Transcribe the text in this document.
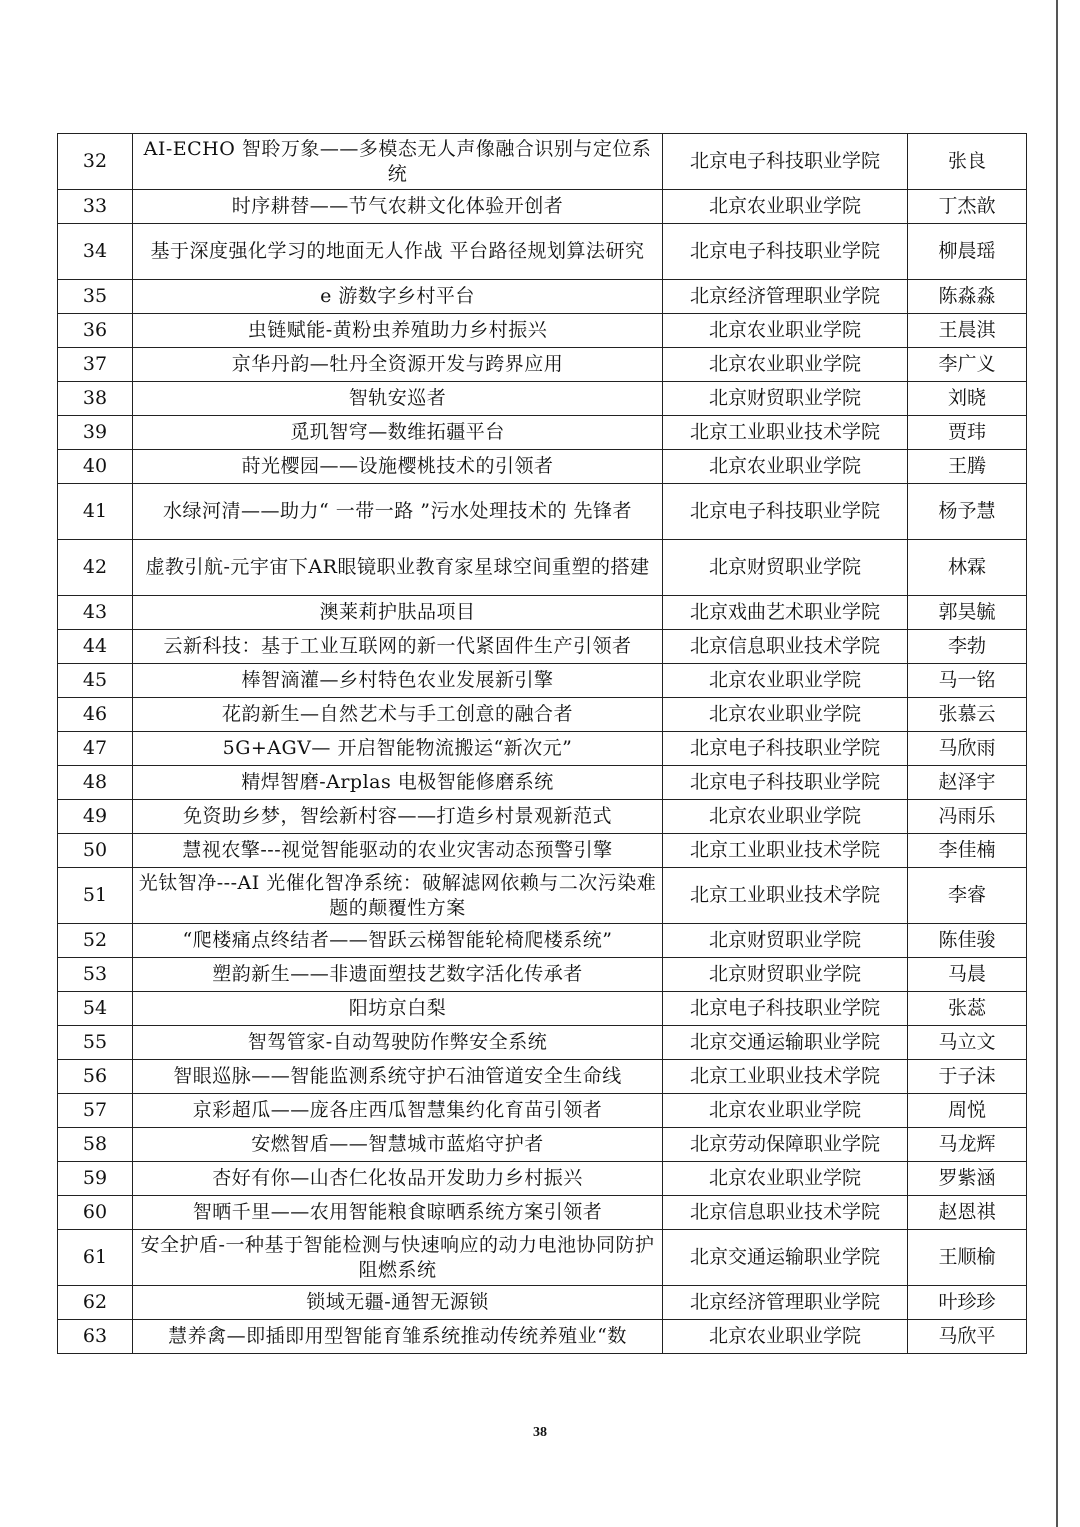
32	AI-ECHO 智聆万象——多模态无人声像融合识别与定位系统	北京电子科技职业学院	张良
33	时序耕替——节气农耕文化体验开创者	北京农业职业学院	丁杰歆
34	基于深度强化学习的地面无人作战 平台路径规划算法研究	北京电子科技职业学院	柳晨瑶
35	e 游数字乡村平台	北京经济管理职业学院	陈淼淼
36	虫链赋能-黄粉虫养殖助力乡村振兴	北京农业职业学院	王晨淇
37	京华丹韵—牡丹全资源开发与跨界应用	北京农业职业学院	李广义
38	智轨安巡者	北京财贸职业学院	刘晓
39	觅玑智穹—数维拓疆平台	北京工业职业技术学院	贾玮
40	莳光樱园——设施樱桃技术的引领者	北京农业职业学院	王腾
41	水绿河清——助力“ 一带一路 ”污水处理技术的 先锋者	北京电子科技职业学院	杨予慧
42	虚教引航-元宇宙下AR眼镜职业教育家星球空间重塑的搭建	北京财贸职业学院	林霖
43	澳莱莉护肤品项目	北京戏曲艺术职业学院	郭昊毓
44	云新科技：基于工业互联网的新一代紧固件生产引领者	北京信息职业技术学院	李勃
45	棒智滴灌—乡村特色农业发展新引擎	北京农业职业学院	马一铭
46	花韵新生—自然艺术与手工创意的融合者	北京农业职业学院	张慕云
47	5G+AGV— 开启智能物流搬运“新次元”	北京电子科技职业学院	马欣雨
48	精焊智磨-Arplas 电极智能修磨系统	北京电子科技职业学院	赵泽宇
49	免资助乡梦，智绘新村容——打造乡村景观新范式	北京农业职业学院	冯雨乐
50	慧视农擎---视觉智能驱动的农业灾害动态预警引擎	北京工业职业技术学院	李佳楠
51	光钛智净---AI 光催化智净系统：破解滤网依赖与二次污染难题的颠覆性方案	北京工业职业技术学院	李睿
52	“爬楼痛点终结者——智跃云梯智能轮椅爬楼系统”	北京财贸职业学院	陈佳骏
53	塑韵新生——非遗面塑技艺数字活化传承者	北京财贸职业学院	马晨
54	阳坊京白梨	北京电子科技职业学院	张蕊
55	智驾管家-自动驾驶防作弊安全系统	北京交通运输职业学院	马立文
56	智眼巡脉——智能监测系统守护石油管道安全生命线	北京工业职业技术学院	于子沫
57	京彩超瓜——庞各庄西瓜智慧集约化育苗引领者	北京农业职业学院	周悦
58	安燃智盾——智慧城市蓝焰守护者	北京劳动保障职业学院	马龙辉
59	杏好有你—山杏仁化妆品开发助力乡村振兴	北京农业职业学院	罗紫涵
60	智晒千里——农用智能粮食晾晒系统方案引领者	北京信息职业技术学院	赵恩祺
61	安全护盾-一种基于智能检测与快速响应的动力电池协同防护阻燃系统	北京交通运输职业学院	王顺榆
62	锁域无疆-通智无源锁	北京经济管理职业学院	叶珍珍
63	慧养禽—即插即用型智能育雏系统推动传统养殖业“数	北京农业职业学院	马欣平
38
